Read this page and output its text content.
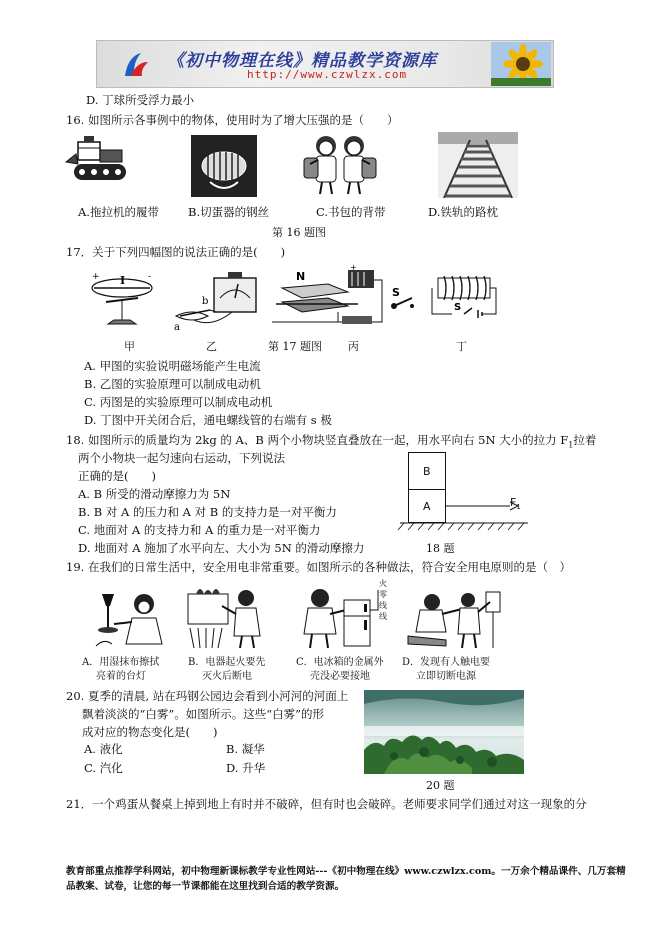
《初中物理在线》精品教学资源库
http://www.czwlzx.com
D. 丁球所受浮力最小
16. 如图所示各事例中的物体，使用时为了增大压强的是（　　）
A.拖拉机的履带	B.切蛋器的钢丝	C.书包的背带	D.铁轨的路枕
第 16 题图
17．关于下列四幅图的说法正确的是(　　)
I
+	-
a
b
N
+
S
S
甲	乙	第 17 题图 丙	丁
A. 甲图的实验说明磁场能产生电流
B. 乙图的实验原理可以制成电动机
C. 丙图是的实验原理可以制成电动机
D. 丁图中开关闭合后，通电螺线管的右端有 s 极
18. 如图所示的质量均为 2kg 的 A、B 两个小物块竖直叠放在一起，用水平向右 5N 大小的拉力 $F_1$拉着
两个小物块一起匀速向右运动，下列说法
正确的是(　　)
A. B 所受的滑动摩擦力为 5N
B. B 对 A 的压力和 A 对 B 的支持力是一对平衡力
C. 地面对 A 的支持力和 A 的重力是一对平衡力
D. 地面对 A 施加了水平向左、大小为 5N 的滑动摩擦力
B
A	$F_1$
18 题
19. 在我们的日常生活中，安全用电非常重要。如图所示的各种做法，符合安全用电原则的是（　）
火零
线线
A．用湿抹布擦拭
亮着的台灯
B．电器起火要先
灭火后断电
C．电冰箱的金属外
壳没必要接地
D．发现有人触电要
立即切断电源
20. 夏季的清晨, 站在玛钢公园边会看到小河河的河面上
飘着淡淡的“白雾”。如图所示。这些“白雾”的形
成对应的物态变化是(　　)
A. 液化	B. 凝华
C. 汽化	D. 升华
20 题
21．一个鸡蛋从餐桌上掉到地上有时并不破碎，但有时也会破碎。老师要求同学们通过对这一现象的分
教育部重点推荐学科网站，初中物理新课标教学专业性网站---《初中物理在线》www.czwlzx.com。一万余个精品课件、几万套精品教案、试卷，让您的每一节课都能在这里找到合适的教学资源。
